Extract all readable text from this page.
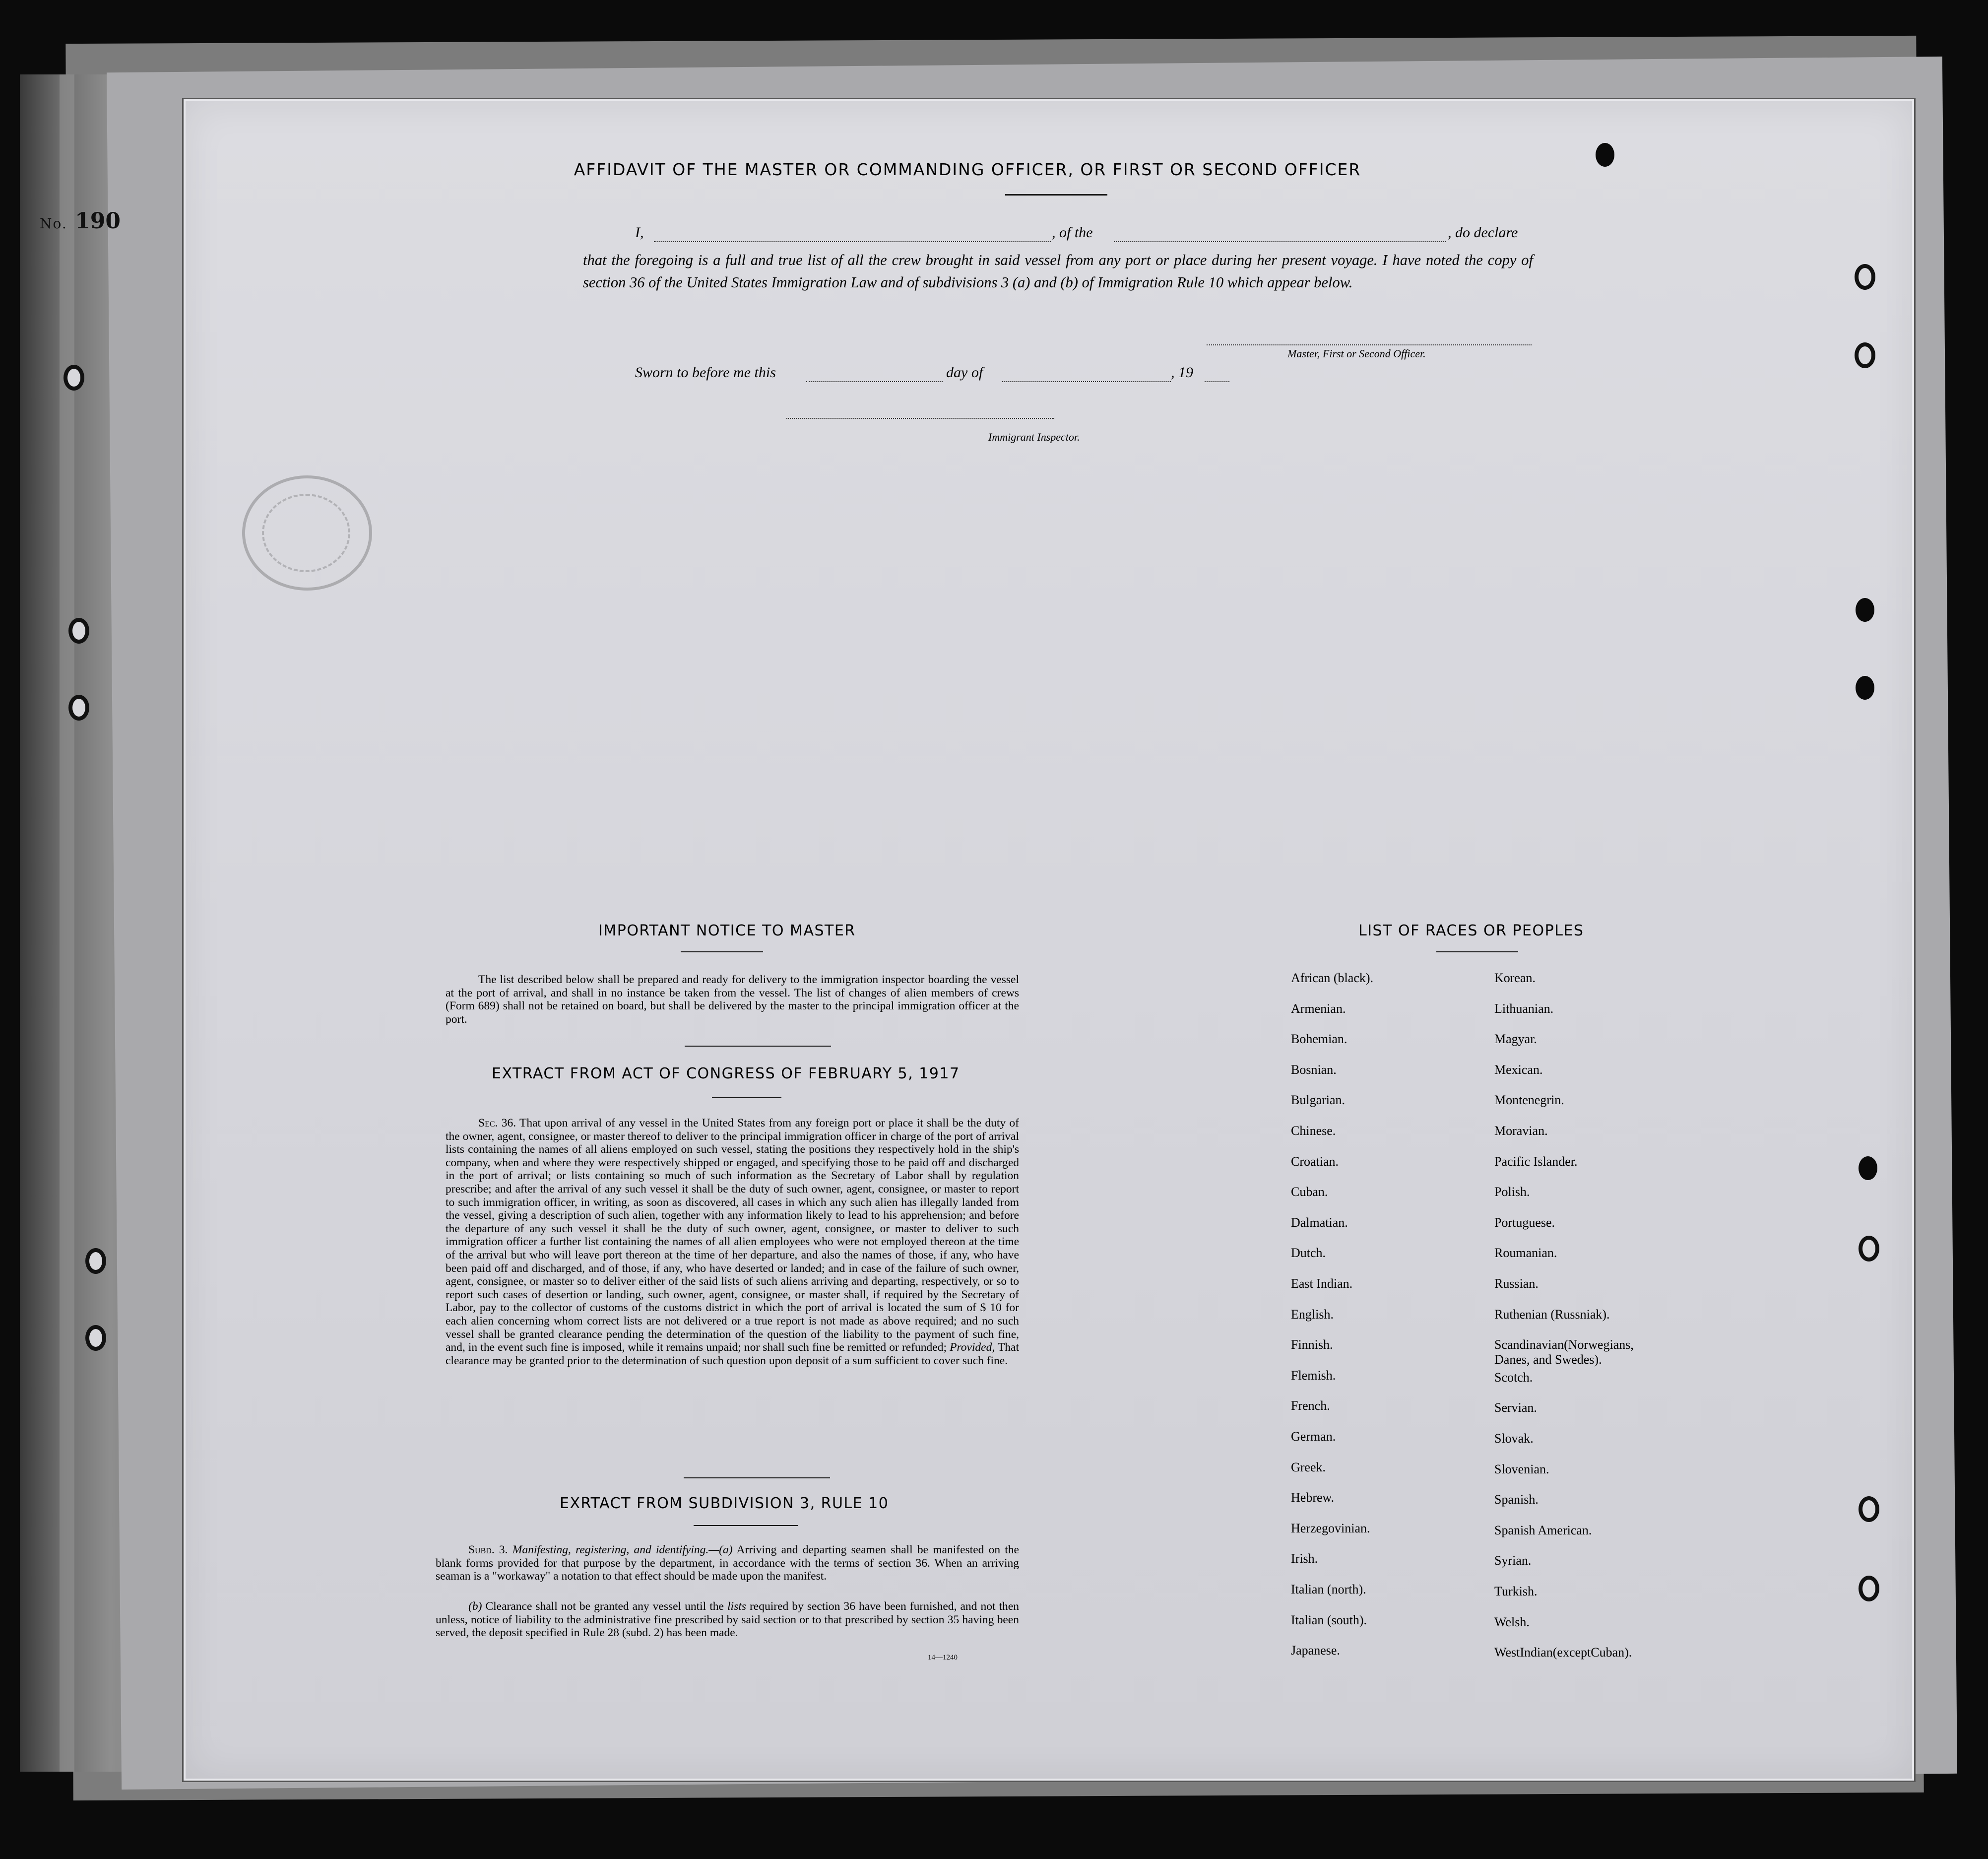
No. 190
AFFIDAVIT OF THE MASTER OR COMMANDING OFFICER, OR FIRST OR SECOND OFFICER
I,	, of the	, do declare
that the foregoing is a full and true list of all the crew brought in said vessel from any port or place during her present voyage. I have noted the copy of section 36 of the United States Immigration Law and of subdivisions 3 (a) and (b) of Immigration Rule 10 which appear below.
Master, First or Second Officer.
Sworn to before me this	day of	, 19
Immigrant Inspector.
IMPORTANT NOTICE TO MASTER
The list described below shall be prepared and ready for delivery to the immigration inspector boarding the vessel at the port of arrival, and shall in no instance be taken from the vessel. The list of changes of alien members of crews (Form 689) shall not be retained on board, but shall be delivered by the master to the principal immigration officer at the port.
EXTRACT FROM ACT OF CONGRESS OF FEBRUARY 5, 1917
Sec. 36. That upon arrival of any vessel in the United States from any foreign port or place it shall be the duty of the owner, agent, consignee, or master thereof to deliver to the principal immigration officer in charge of the port of arrival lists containing the names of all aliens employed on such vessel, stating the positions they respectively hold in the ship's company, when and where they were respectively shipped or engaged, and specifying those to be paid off and discharged in the port of arrival; or lists containing so much of such information as the Secretary of Labor shall by regulation prescribe; and after the arrival of any such vessel it shall be the duty of such owner, agent, consignee, or master to report to such immigration officer, in writing, as soon as discovered, all cases in which any such alien has illegally landed from the vessel, giving a description of such alien, together with any information likely to lead to his apprehension; and before the departure of any such vessel it shall be the duty of such owner, agent, consignee, or master to deliver to such immigration officer a further list containing the names of all alien employees who were not employed thereon at the time of the arrival but who will leave port thereon at the time of her departure, and also the names of those, if any, who have been paid off and discharged, and of those, if any, who have deserted or landed; and in case of the failure of such owner, agent, consignee, or master so to deliver either of the said lists of such aliens arriving and departing, respectively, or so to report such cases of desertion or landing, such owner, agent, consignee, or master shall, if required by the Secretary of Labor, pay to the collector of customs of the customs district in which the port of arrival is located the sum of $ 10 for each alien concerning whom correct lists are not delivered or a true report is not made as above required; and no such vessel shall be granted clearance pending the determination of the question of the liability to the payment of such fine, and, in the event such fine is imposed, while it remains unpaid; nor shall such fine be remitted or refunded; Provided, That clearance may be granted prior to the determination of such question upon deposit of a sum sufficient to cover such fine.
EXRTACT FROM SUBDIVISION 3, RULE 10
Subd. 3. Manifesting, registering, and identifying.—(a) Arriving and departing seamen shall be manifested on the blank forms provided for that purpose by the department, in accordance with the terms of section 36. When an arriving seaman is a "workaway" a notation to that effect should be made upon the manifest.
(b) Clearance shall not be granted any vessel until the lists required by section 36 have been furnished, and not then unless, notice of liability to the administrative fine prescribed by said section or to that prescribed by section 35 having been served, the deposit specified in Rule 28 (subd. 2) has been made.
14—1240
LIST OF RACES OR PEOPLES
African (black).
Armenian.
Bohemian.
Bosnian.
Bulgarian.
Chinese.
Croatian.
Cuban.
Dalmatian.
Dutch.
East Indian.
English.
Finnish.
Flemish.
French.
German.
Greek.
Hebrew.
Herzegovinian.
Irish.
Italian (north).
Italian (south).
Japanese.
Korean.
Lithuanian.
Magyar.
Mexican.
Montenegrin.
Moravian.
Pacific Islander.
Polish.
Portuguese.
Roumanian.
Russian.
Ruthenian (Russniak).
Scandinavian(Norwegians,
Danes, and Swedes).
Scotch.
Servian.
Slovak.
Slovenian.
Spanish.
Spanish American.
Syrian.
Turkish.
Welsh.
WestIndian(exceptCuban).
